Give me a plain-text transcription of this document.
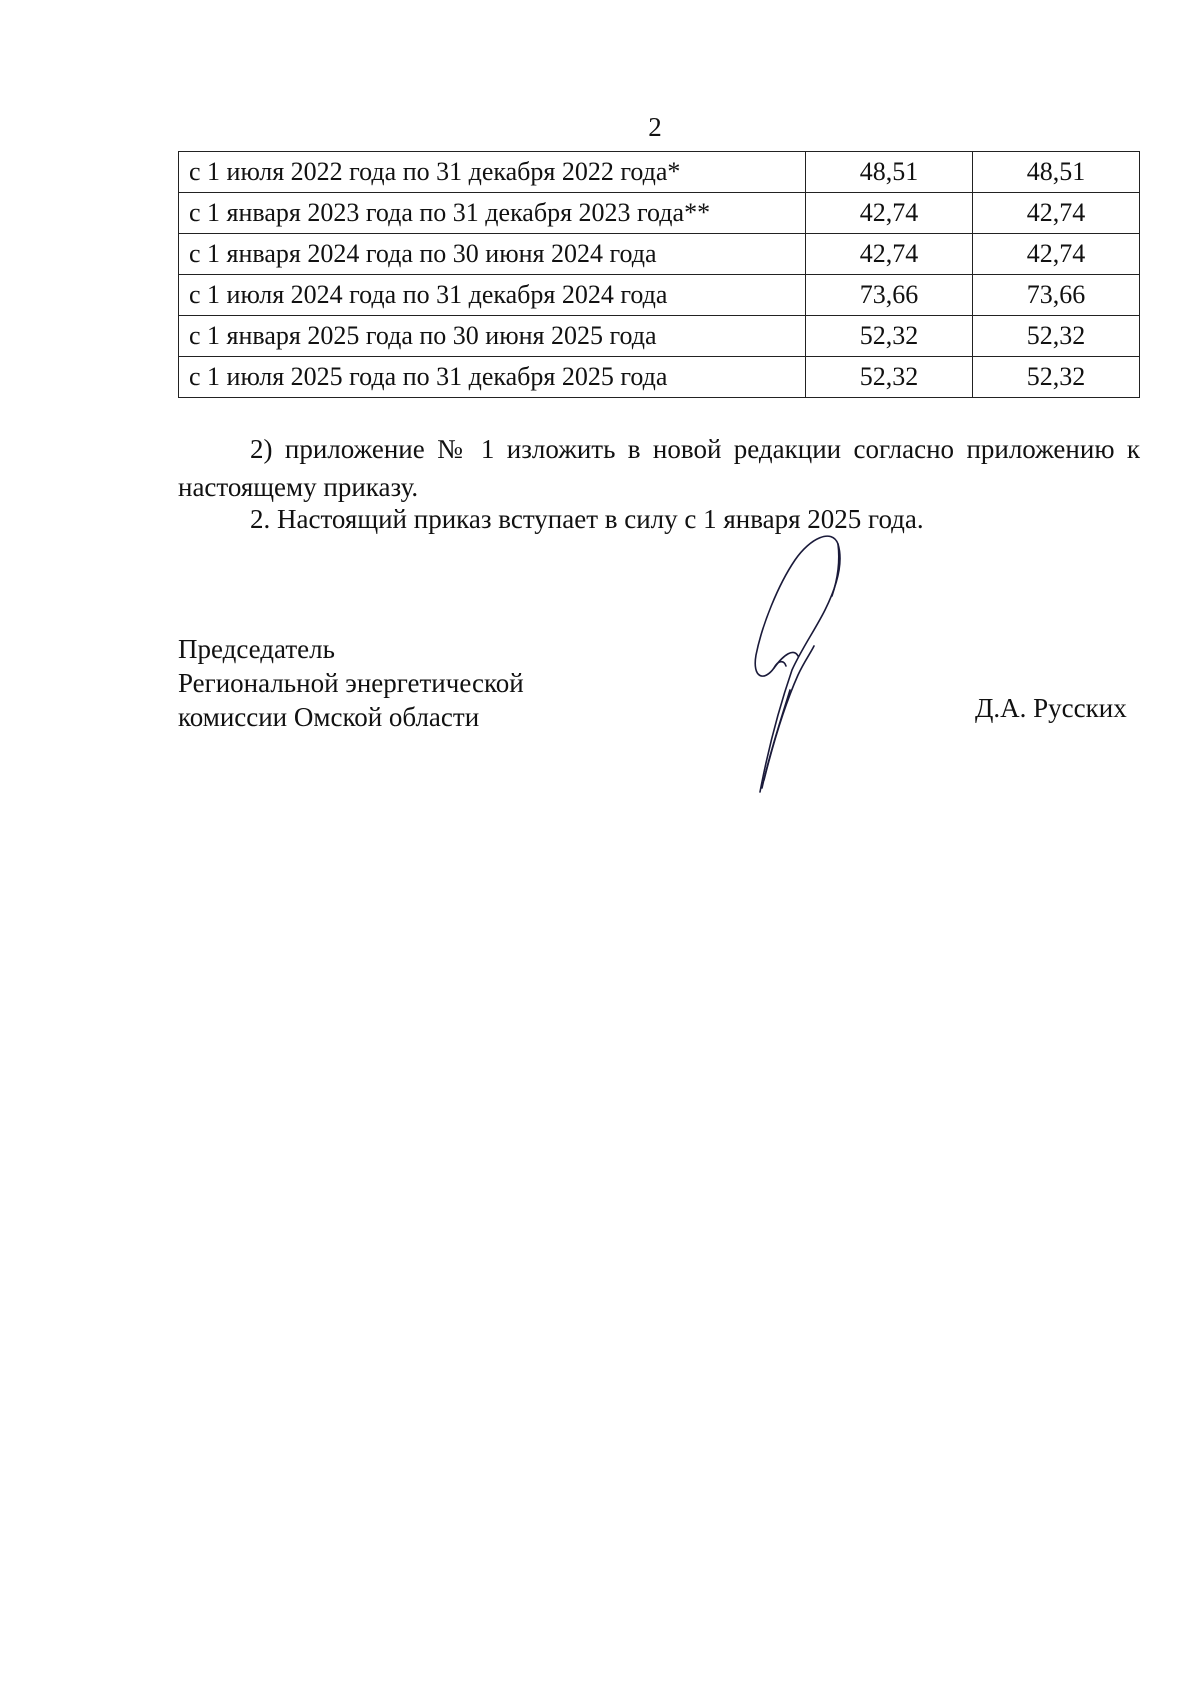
2
с 1 июля 2022 года по 31 декабря 2022 года*	48,51	48,51
с 1 января 2023 года по 31 декабря 2023 года**	42,74	42,74
с 1 января 2024 года по 30 июня 2024 года	42,74	42,74
с 1 июля 2024 года по 31 декабря 2024 года	73,66	73,66
с 1 января 2025 года по 30 июня 2025 года	52,32	52,32
с 1 июля 2025 года по 31 декабря 2025 года	52,32	52,32
2) приложение № 1 изложить в новой редакции согласно приложению к настоящему приказу.
2. Настоящий приказ вступает в силу с 1 января 2025 года.
Председатель
Региональной энергетической
комиссии Омской области	Д.А. Русских
